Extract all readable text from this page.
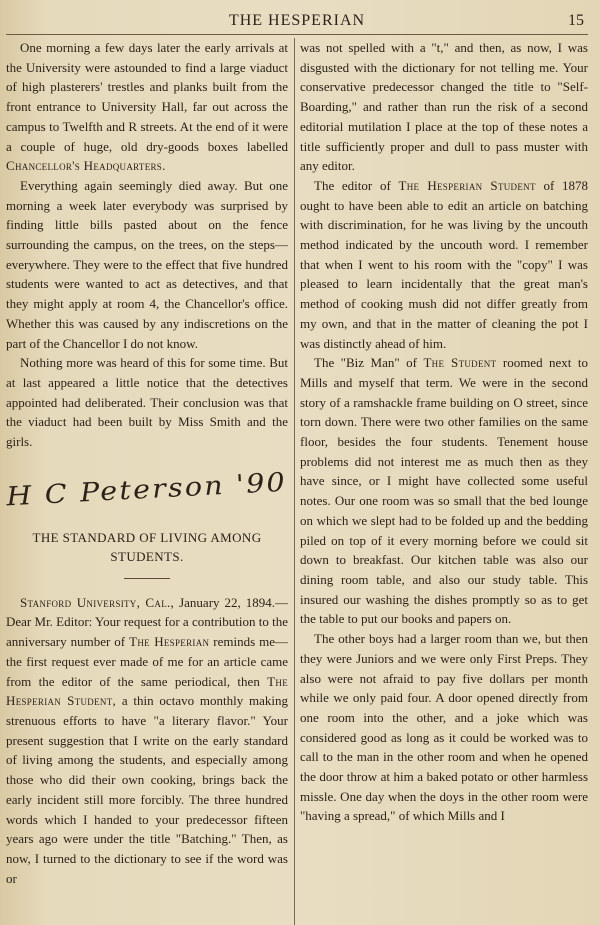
THE HESPERIAN	15

One morning a few days later the early arrivals at the University were astounded to find a large viaduct of high plasterers' trestles and planks built from the front entrance to University Hall, far out across the campus to Twelfth and R streets. At the end of it were a couple of huge, old dry-goods boxes labelled Chancellor's Headquarters.

Everything again seemingly died away. But one morning a week later everybody was surprised by finding little bills pasted about on the fence surrounding the campus, on the trees, on the steps—everywhere. They were to the effect that five hundred students were wanted to act as detectives, and that they might apply at room 4, the Chancellor's office. Whether this was caused by any indiscretions on the part of the Chancellor I do not know.

Nothing more was heard of this for some time. But at last appeared a little notice that the detectives appointed had deliberated. Their conclusion was that the viaduct had been built by Miss Smith and the girls.

H C Peterson '90
THE STANDARD OF LIVING AMONG STUDENTS.

Stanford University, Cal., January 22, 1894.—Dear Mr. Editor: Your request for a contribution to the anniversary number of The Hesperian reminds me—the first request ever made of me for an article came from the editor of the same periodical, then The Hesperian Student, a thin octavo monthly making strenuous efforts to have "a literary flavor." Your present suggestion that I write on the early standard of living among the students, and especially among those who did their own cooking, brings back the early incident still more forcibly. The three hundred words which I handed to your predecessor fifteen years ago were under the title "Batching." Then, as now, I turned to the dictionary to see if the word was or

was not spelled with a "t," and then, as now, I was disgusted with the dictionary for not telling me. Your conservative predecessor changed the title to "Self-Boarding," and rather than run the risk of a second editorial mutilation I place at the top of these notes a title sufficiently proper and dull to pass muster with any editor.

The editor of The Hesperian Student of 1878 ought to have been able to edit an article on batching with discrimination, for he was living by the uncouth method indicated by the uncouth word. I remember that when I went to his room with the "copy" I was pleased to learn incidentally that the great man's method of cooking mush did not differ greatly from my own, and that in the matter of cleaning the pot I was distinctly ahead of him.

The "Biz Man" of The Student roomed next to Mills and myself that term. We were in the second story of a ramshackle frame building on O street, since torn down. There were two other families on the same floor, besides the four students. Tenement house problems did not interest me as much then as they have since, or I might have collected some useful notes. Our one room was so small that the bed lounge on which we slept had to be folded up and the bedding piled on top of it every morning before we could sit down to breakfast. Our kitchen table was also our dining room table, and also our study table. This insured our washing the dishes promptly so as to get the table to put our books and papers on.

The other boys had a larger room than we, but then they were Juniors and we were only First Preps. They also were not afraid to pay five dollars per month while we only paid four. A door opened directly from one room into the other, and a joke which was considered good as long as it could be worked was to call to the man in the other room and when he opened the door throw at him a baked potato or other harmless missle. One day when the doys in the other room were "having a spread," of which Mills and I
